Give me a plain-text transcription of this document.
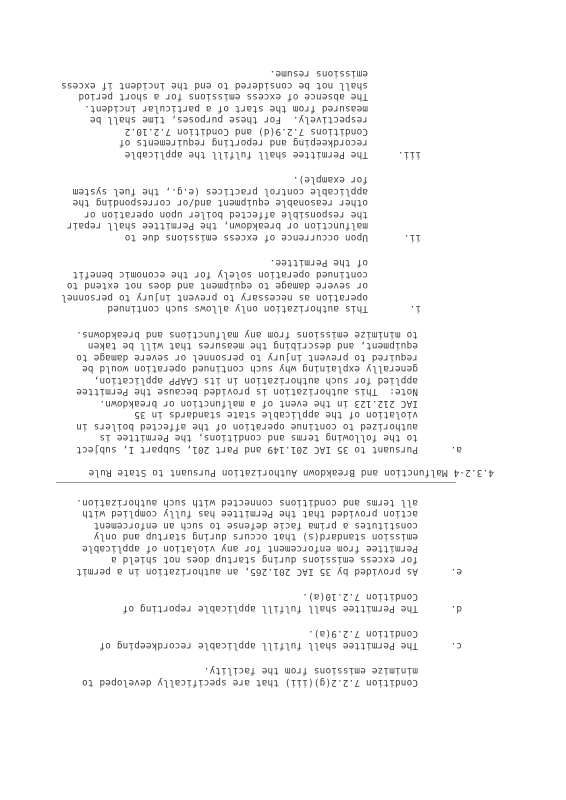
Condition 7.2.2(g)(iii) that are specifically developed to
minimize emissions from the facility.
c.
The Permittee shall fulfill applicable recordkeeping of
Condition 7.2.9(a).
d.
The Permittee shall fulfill applicable reporting of
Condition 7.2.10(a).
e.
As provided by 35 IAC 201.265, an authorization in a permit
for excess emissions during startup does not shield a
Permittee from enforcement for any violation of applicable
emission standard(s) that occurs during startup and only
constitutes a prima facie defense to such an enforcement
action provided that the Permittee has fully complied with
all terms and conditions connected with such authorization.
4.3.2-4 Malfunction and Breakdown Authorization Pursuant to State Rule
a.
Pursuant to 35 IAC 201.149 and Part 201, Subpart I, subject
to the following terms and conditions, the Permittee is
authorized to continue operation of the affected boilers in
violation of the applicable state standards in 35
IAC 212.123 in the event of a malfunction or breakdown.
Note:  This authorization is provided because the Permittee
applied for such authorization in its CAAPP application,
generally explaining why such continued operation would be
required to prevent injury to personnel or severe damage to
equipment, and describing the measures that will be taken
to minimize emissions from any malfunctions and breakdowns.
i.
This authorization only allows such continued
operation as necessary to prevent injury to personnel
or severe damage to equipment and does not extend to
continued operation solely for the economic benefit
of the Permittee.
ii.
Upon occurrence of excess emissions due to
malfunction or breakdown, the Permittee shall repair
the responsible affected boiler upon operation or
other reasonable equipment and/or corresponding the
applicable control practices (e.g., the fuel system
for example).
iii.
The Permittee shall fulfill the applicable
recordkeeping and reporting requirements of
Conditions 7.2.9(d) and Condition 7.2.10.2
respectively.  For these purposes, time shall be
measured from the start of a particular incident.
The absence of excess emissions for a short period
shall not be considered to end the incident if excess
emissions resume.
